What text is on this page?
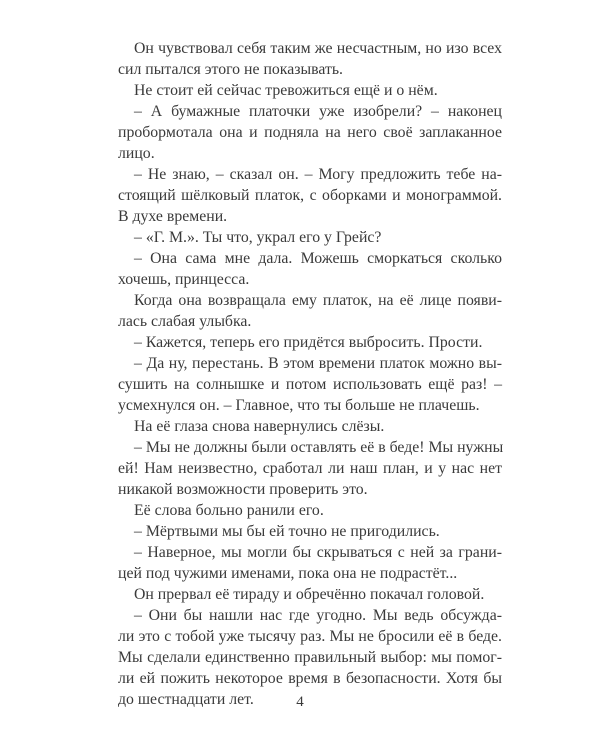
Он чувствовал себя таким же несчастным, но изо всех
сил пытался этого не показывать.

Не стоит ей сейчас тревожиться ещё и о нём.

– А бумажные платочки уже изобрели? – наконец
пробормотала она и подняла на него своё заплаканное
лицо.

– Не знаю, – сказал он. – Могу предложить тебе на-
стоящий шёлковый платок, с оборками и монограммой.
В духе времени.

– «Г. М.». Ты что, украл его у Грейс?

– Она сама мне дала. Можешь сморкаться сколько
хочешь, принцесса.

Когда она возвращала ему платок, на её лице появи-
лась слабая улыбка.

– Кажется, теперь его придётся выбросить. Прости.

– Да ну, перестань. В этом времени платок можно вы-
сушить на солнышке и потом использовать ещё раз! –
усмехнулся он. – Главное, что ты больше не плачешь.

На её глаза снова навернулись слёзы.

– Мы не должны были оставлять её в беде! Мы нужны
ей! Нам неизвестно, сработал ли наш план, и у нас нет
никакой возможности проверить это.

Её слова больно ранили его.

– Мёртвыми мы бы ей точно не пригодились.

– Наверное, мы могли бы скрываться с ней за грани-
цей под чужими именами, пока она не подрастёт...

Он прервал её тираду и обречённо покачал головой.

– Они бы нашли нас где угодно. Мы ведь обсужда-
ли это с тобой уже тысячу раз. Мы не бросили её в беде.
Мы сделали единственно правильный выбор: мы помог-
ли ей пожить некоторое время в безопасности. Хотя бы
до шестнадцати лет.	4
